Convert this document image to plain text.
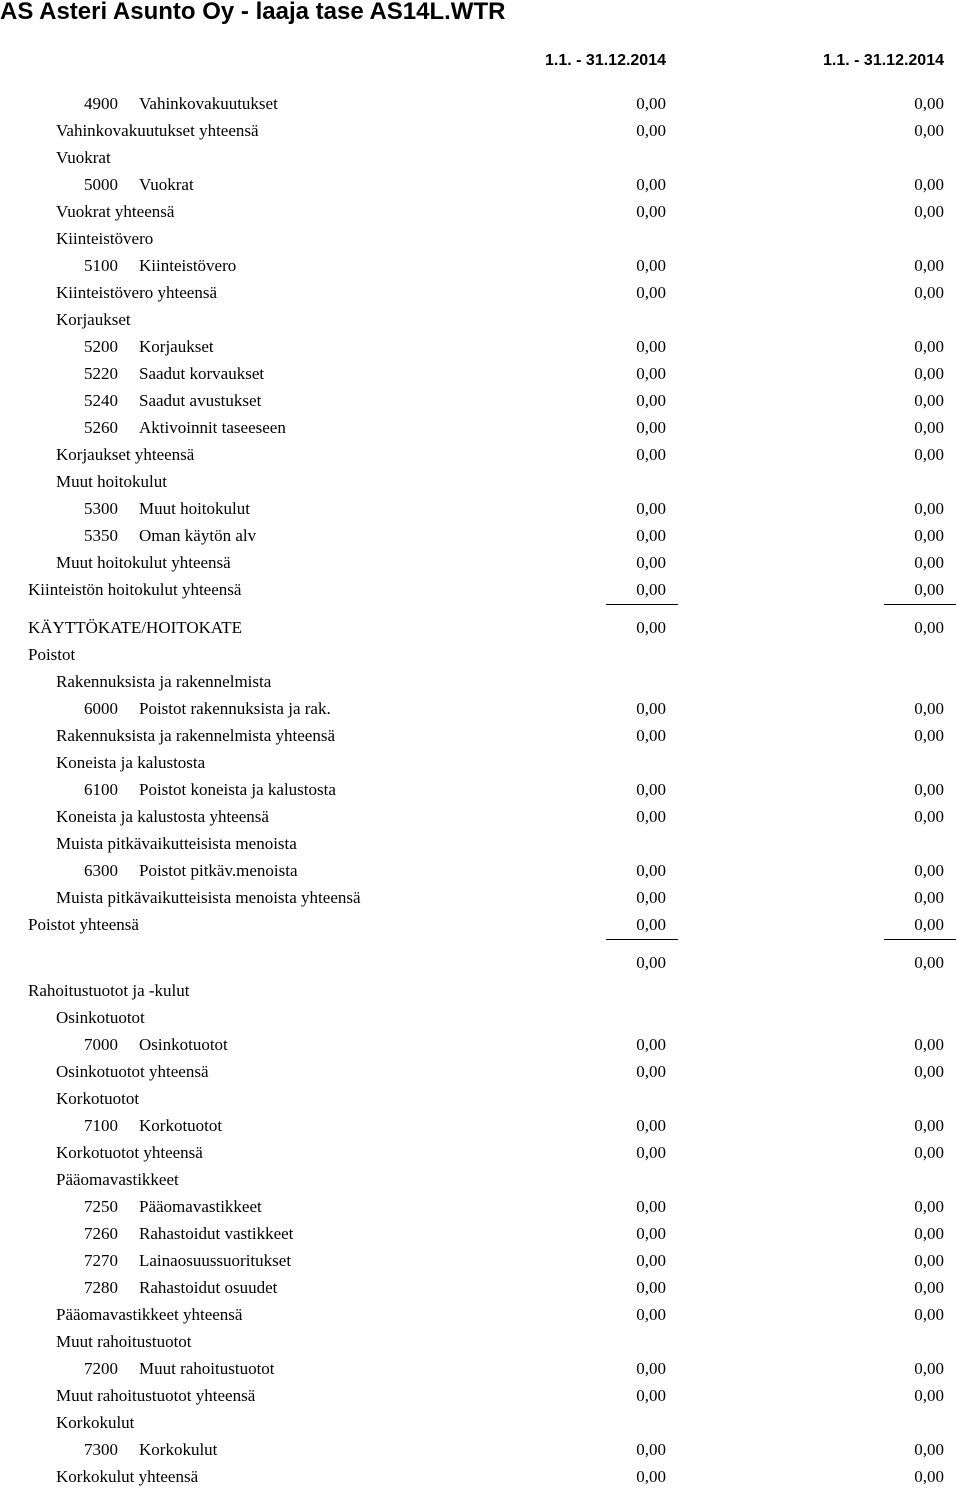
AS Asteri Asunto Oy - laaja tase AS14L.WTR
1.1. - 31.12.2014	1.1. - 31.12.2014
4900	Vahinkovakuutukset	0,00	0,00
Vahinkovakuutukset yhteensä	0,00	0,00
Vuokrat
5000	Vuokrat	0,00	0,00
Vuokrat yhteensä	0,00	0,00
Kiinteistövero
5100	Kiinteistövero	0,00	0,00
Kiinteistövero yhteensä	0,00	0,00
Korjaukset
5200	Korjaukset	0,00	0,00
5220	Saadut korvaukset	0,00	0,00
5240	Saadut avustukset	0,00	0,00
5260	Aktivoinnit taseeseen	0,00	0,00
Korjaukset yhteensä	0,00	0,00
Muut hoitokulut
5300	Muut hoitokulut	0,00	0,00
5350	Oman käytön alv	0,00	0,00
Muut hoitokulut yhteensä	0,00	0,00
Kiinteistön hoitokulut yhteensä	0,00	0,00
KÄYTTÖKATE/HOITOKATE	0,00	0,00
Poistot
Rakennuksista ja rakennelmista
6000	Poistot rakennuksista ja rak.	0,00	0,00
Rakennuksista ja rakennelmista yhteensä	0,00	0,00
Koneista ja kalustosta
6100	Poistot koneista ja kalustosta	0,00	0,00
Koneista ja kalustosta yhteensä	0,00	0,00
Muista pitkävaikutteisista menoista
6300	Poistot pitkäv.menoista	0,00	0,00
Muista pitkävaikutteisista menoista yhteensä	0,00	0,00
Poistot yhteensä	0,00	0,00
0,00	0,00
Rahoitustuotot ja -kulut
Osinkotuotot
7000	Osinkotuotot	0,00	0,00
Osinkotuotot yhteensä	0,00	0,00
Korkotuotot
7100	Korkotuotot	0,00	0,00
Korkotuotot yhteensä	0,00	0,00
Pääomavastikkeet
7250	Pääomavastikkeet	0,00	0,00
7260	Rahastoidut vastikkeet	0,00	0,00
7270	Lainaosuussuoritukset	0,00	0,00
7280	Rahastoidut osuudet	0,00	0,00
Pääomavastikkeet yhteensä	0,00	0,00
Muut rahoitustuotot
7200	Muut rahoitustuotot	0,00	0,00
Muut rahoitustuotot yhteensä	0,00	0,00
Korkokulut
7300	Korkokulut	0,00	0,00
Korkokulut yhteensä	0,00	0,00
